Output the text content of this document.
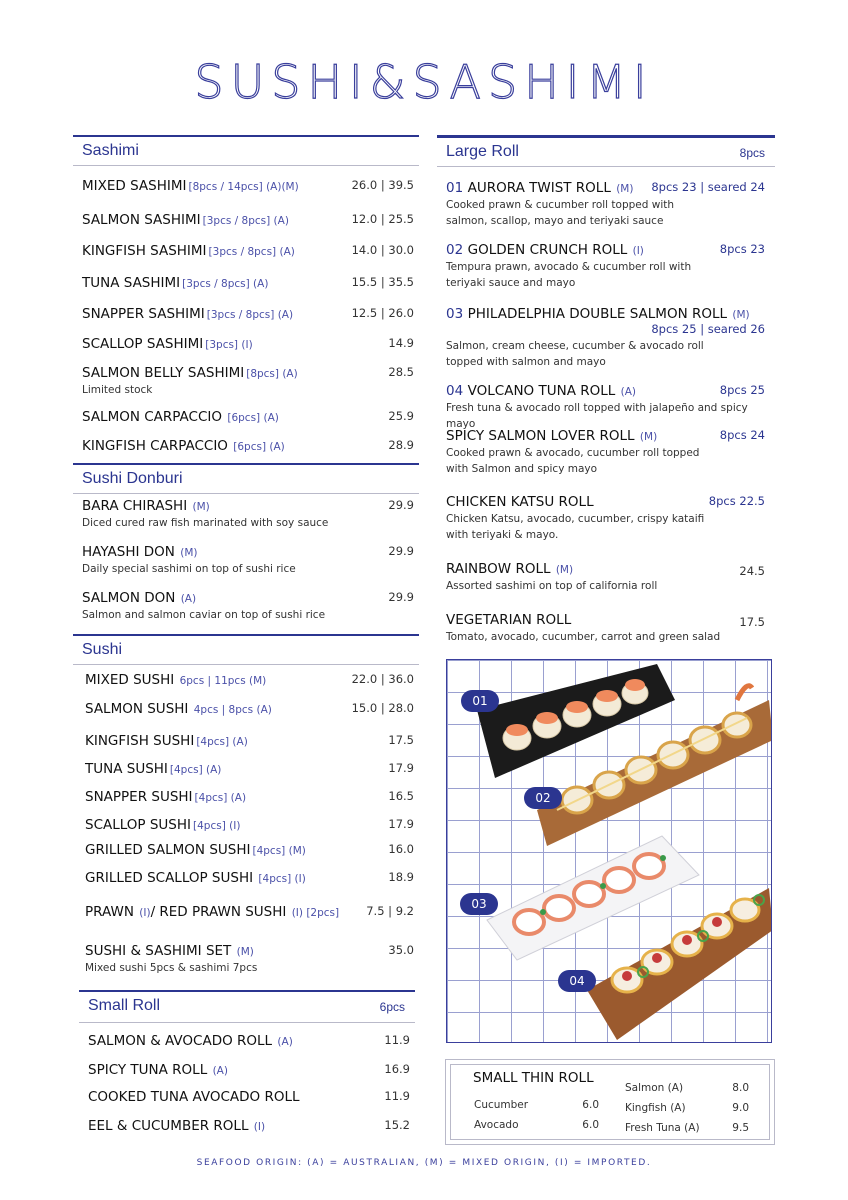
SUSHI&SASHIMI
Sashimi
MIXED SASHIMI [8pcs / 14pcs] (A)(M)	26.0 | 39.5
SALMON SASHIMI [3pcs / 8pcs] (A)	12.0 | 25.5
KINGFISH SASHIMI [3pcs / 8pcs] (A)	14.0 | 30.0
TUNA SASHIMI [3pcs / 8pcs] (A)	15.5 | 35.5
SNAPPER SASHIMI [3pcs / 8pcs] (A)	12.5 | 26.0
SCALLOP SASHIMI [3pcs] (I)	14.9
SALMON BELLY SASHIMI [8pcs] (A)	28.5
Limited stock
SALMON CARPACCIO [6pcs] (A)	25.9
KINGFISH CARPACCIO [6pcs] (A)	28.9
Sushi Donburi
BARA CHIRASHI (M)	29.9
Diced cured raw fish marinated with soy sauce
HAYASHI DON (M)	29.9
Daily special sashimi on top of sushi rice
SALMON DON (A)	29.9
Salmon and salmon caviar on top of sushi rice
Sushi
MIXED SUSHI 6pcs | 11pcs (M)	22.0 | 36.0
SALMON SUSHI 4pcs | 8pcs (A)	15.0 | 28.0
KINGFISH SUSHI [4pcs] (A)	17.5
TUNA SUSHI [4pcs] (A)	17.9
SNAPPER SUSHI [4pcs] (A)	16.5
SCALLOP SUSHI [4pcs] (I)	17.9
GRILLED SALMON SUSHI [4pcs] (M)	16.0
GRILLED SCALLOP SUSHI [4pcs] (I)	18.9
PRAWN (I)/ RED PRAWN SUSHI (I) [2pcs] 7.5 | 9.2
SUSHI & SASHIMI SET (M)	35.0
Mixed sushi 5pcs & sashimi 7pcs
Small Roll	6pcs
SALMON & AVOCADO ROLL (A)	11.9
SPICY TUNA ROLL (A)	16.9
COOKED TUNA AVOCADO ROLL	11.9
EEL & CUCUMBER ROLL (I)	15.2
Large Roll	8pcs
01 AURORA TWIST ROLL (M) 8pcs 23 | seared 24
Cooked prawn & cucumber roll topped with
salmon, scallop, mayo and teriyaki sauce
02 GOLDEN CRUNCH ROLL (I)	8pcs 23
Tempura prawn, avocado & cucumber roll with
teriyaki sauce and mayo
03 PHILADELPHIA DOUBLE SALMON ROLL (M)
8pcs 25 | seared 26
Salmon, cream cheese, cucumber & avocado roll
topped with salmon and mayo
04 VOLCANO TUNA ROLL (A)	8pcs 25
Fresh tuna & avocado roll topped with jalapeño and spicy mayo
SPICY SALMON LOVER ROLL (M)	8pcs 24
Cooked prawn & avocado, cucumber roll topped
with Salmon and spicy mayo
CHICKEN KATSU ROLL	8pcs 22.5
Chicken Katsu, avocado, cucumber, crispy kataifi
with teriyaki & mayo.
RAINBOW ROLL (M)	24.5
Assorted sashimi on top of california roll
VEGETARIAN ROLL	17.5
Tomato, avocado, cucumber, carrot and green salad
01
02
03
04
SMALL THIN ROLL
Cucumber	6.0
Avocado	6.0
Salmon (A)	8.0
Kingfish (A)	9.0
Fresh Tuna (A)	9.5
SEAFOOD ORIGIN: (A) = AUSTRALIAN, (M) = MIXED ORIGIN, (I) = IMPORTED.
